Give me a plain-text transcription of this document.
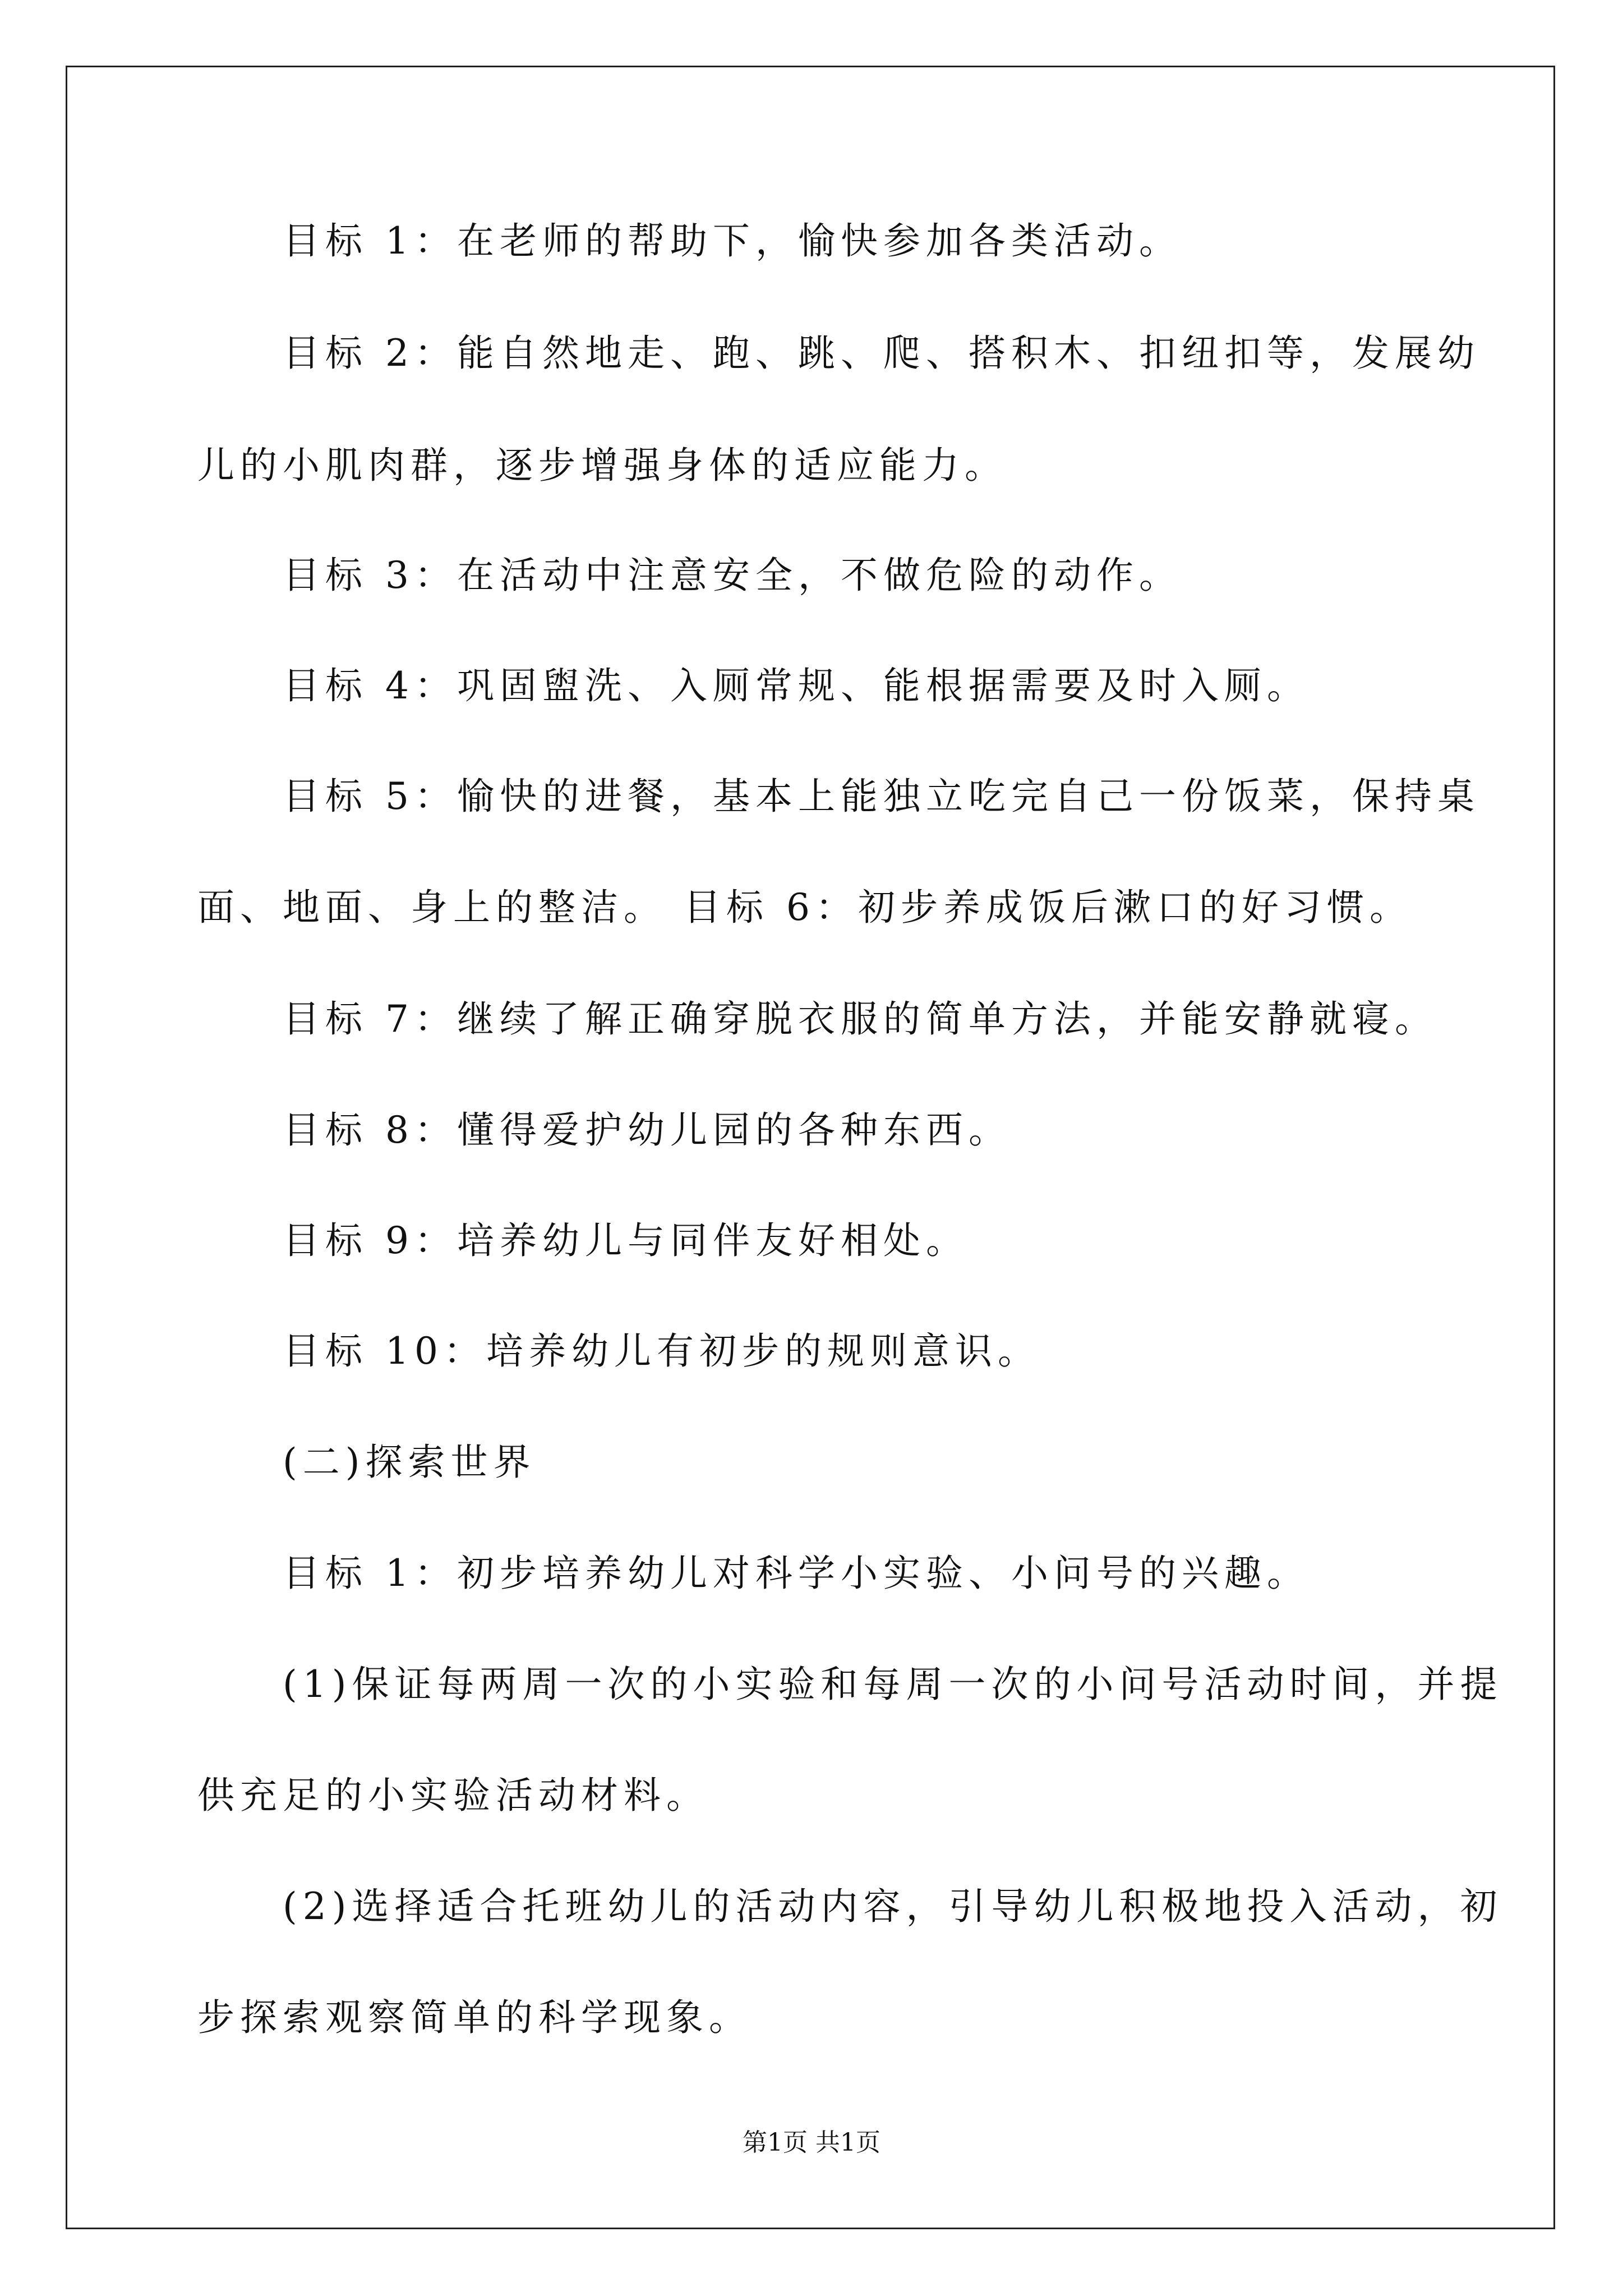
目标 1：在老师的帮助下，愉快参加各类活动。
目标 2：能自然地走、跑、跳、爬、搭积木、扣纽扣等，发展幼
儿的小肌肉群，逐步增强身体的适应能力。
目标 3：在活动中注意安全，不做危险的动作。
目标 4：巩固盥洗、入厕常规、能根据需要及时入厕。
目标 5：愉快的进餐，基本上能独立吃完自己一份饭菜，保持桌
面、地面、身上的整洁。 目标 6：初步养成饭后漱口的好习惯。
目标 7：继续了解正确穿脱衣服的简单方法，并能安静就寝。
目标 8：懂得爱护幼儿园的各种东西。
目标 9：培养幼儿与同伴友好相处。
目标 10：培养幼儿有初步的规则意识。
(二)探索世界
目标 1：初步培养幼儿对科学小实验、小问号的兴趣。
(1)保证每两周一次的小实验和每周一次的小问号活动时间，并提
供充足的小实验活动材料。
(2)选择适合托班幼儿的活动内容，引导幼儿积极地投入活动，初
步探索观察简单的科学现象。
第1页 共1页
